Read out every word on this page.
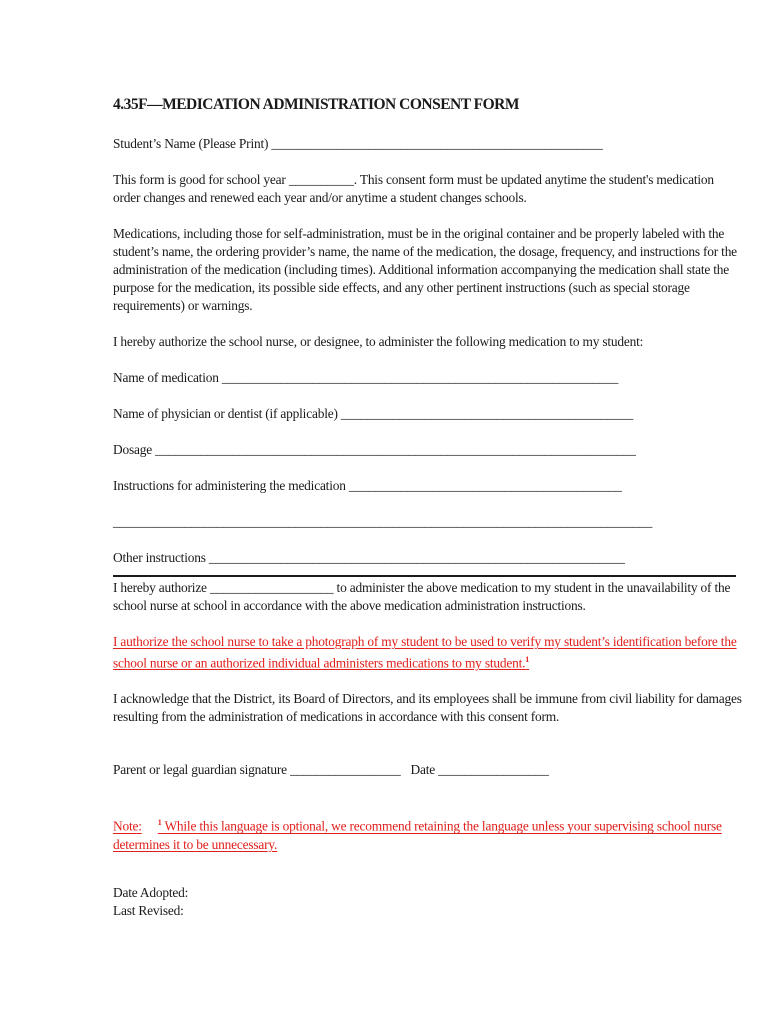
4.35F—MEDICATION ADMINISTRATION CONSENT FORM

Student’s Name (Please Print) ___________________________________________________

This form is good for school year __________. This consent form must be updated anytime the student's medication order changes and renewed each year and/or anytime a student changes schools.

Medications, including those for self-administration, must be in the original container and be properly labeled with the student’s name, the ordering provider’s name, the name of the medication, the dosage, frequency, and instructions for the administration of the medication (including times). Additional information accompanying the medication shall state the purpose for the medication, its possible side effects, and any other pertinent instructions (such as special storage requirements) or warnings.

I hereby authorize the school nurse, or designee, to administer the following medication to my student:

Name of medication _____________________________________________________________

Name of physician or dentist (if applicable) _____________________________________________

Dosage __________________________________________________________________________

Instructions for administering the medication __________________________________________

___________________________________________________________________________________

Other instructions ________________________________________________________________

I hereby authorize ___________________ to administer the above medication to my student in the unavailability of the school nurse at school in accordance with the above medication administration instructions.

I authorize the school nurse to take a photograph of my student to be used to verify my student’s identification before the school nurse or an authorized individual administers medications to my student.$^1$

I acknowledge that the District, its Board of Directors, and its employees shall be immune from civil liability for damages resulting from the administration of medications in accordance with this consent form.

Parent or legal guardian signature _________________ Date _________________

Note: $^1$ While this language is optional, we recommend retaining the language unless your supervising school nurse determines it to be unnecessary.

Date Adopted:

Last Revised:
